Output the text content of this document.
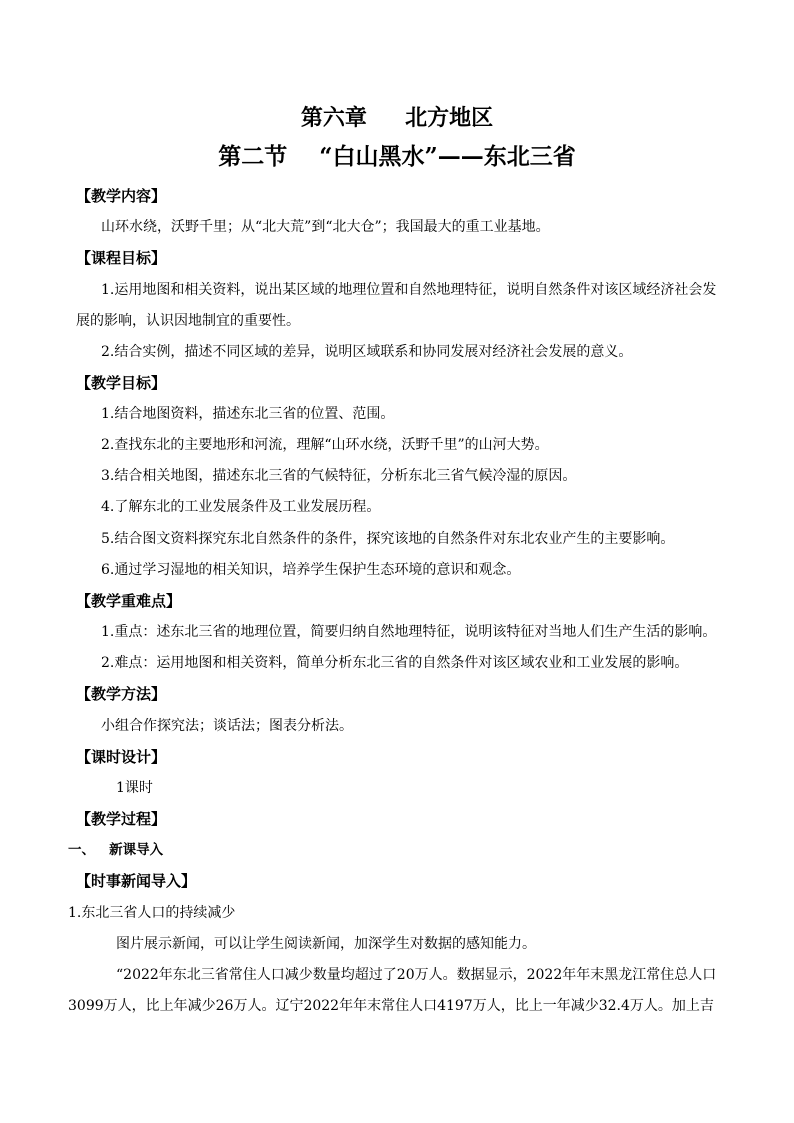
第六章     北方地区
第二节    “白山黑水”——东北三省
【教学内容】
山环水绕，沃野千里；从“北大荒”到“北大仓”；我国最大的重工业基地。
【课程目标】
1.运用地图和相关资料，说出某区域的地理位置和自然地理特征，说明自然条件对该区域经济社会发
展的影响，认识因地制宜的重要性。
2.结合实例，描述不同区域的差异，说明区域联系和协同发展对经济社会发展的意义。
【教学目标】
1.结合地图资料，描述东北三省的位置、范围。
2.查找东北的主要地形和河流，理解“山环水绕，沃野千里”的山河大势。
3.结合相关地图，描述东北三省的气候特征，分析东北三省气候冷湿的原因。
4.了解东北的工业发展条件及工业发展历程。
5.结合图文资料探究东北自然条件的条件，探究该地的自然条件对东北农业产生的主要影响。
6.通过学习湿地的相关知识，培养学生保护生态环境的意识和观念。
【教学重难点】
1.重点：述东北三省的地理位置，简要归纳自然地理特征，说明该特征对当地人们生产生活的影响。
2.难点：运用地图和相关资料，简单分析东北三省的自然条件对该区域农业和工业发展的影响。
【教学方法】
小组合作探究法；谈话法；图表分析法。
【课时设计】
1课时
【教学过程】
一、   新课导入
【时事新闻导入】
1.东北三省人口的持续减少
图片展示新闻，可以让学生阅读新闻，加深学生对数据的感知能力。
“2022年东北三省常住人口减少数量均超过了20万人。数据显示，2022年年末黑龙江常住总人口
3099万人，比上年减少26万人。辽宁2022年年末常住人口4197万人，比上一年减少32.4万人。加上吉
